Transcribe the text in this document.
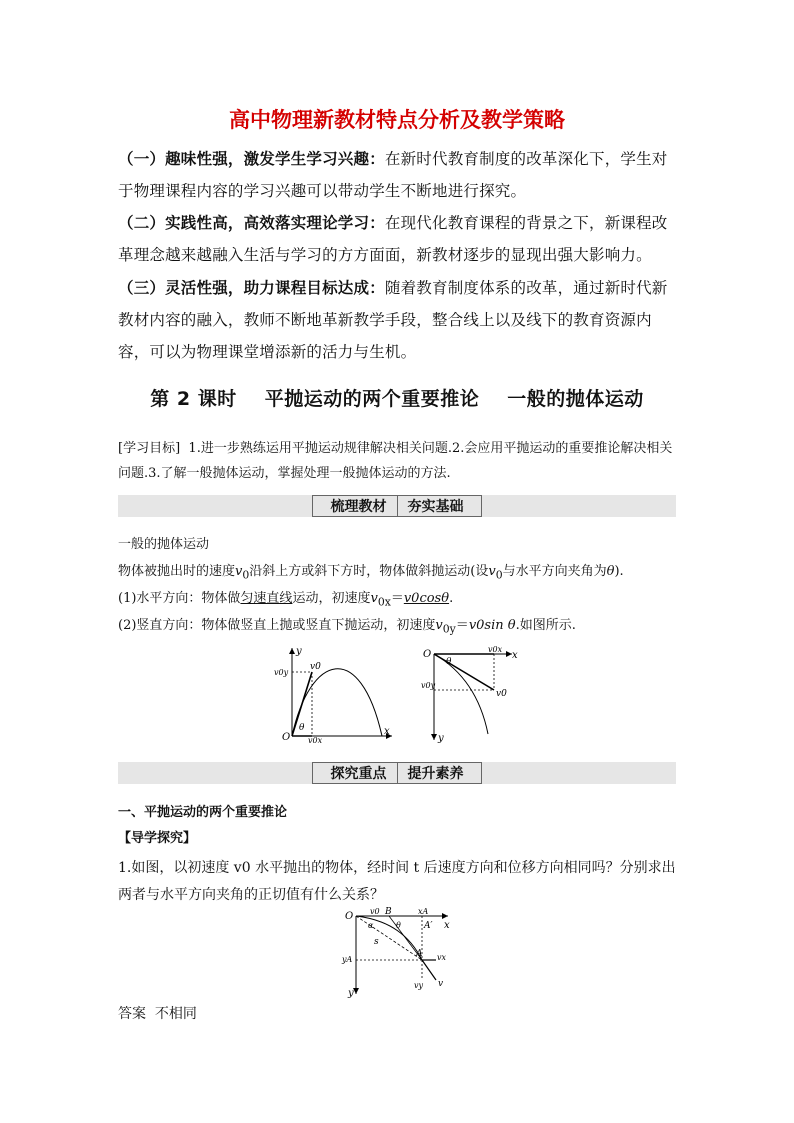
高中物理新教材特点分析及教学策略
（一）趣味性强，激发学生学习兴趣：在新时代教育制度的改革深化下，学生对于物理课程内容的学习兴趣可以带动学生不断地进行探究。
（二）实践性高，高效落实理论学习：在现代化教育课程的背景之下，新课程改革理念越来越融入生活与学习的方方面面，新教材逐步的显现出强大影响力。
（三）灵活性强，助力课程目标达成：随着教育制度体系的改革，通过新时代新教材内容的融入，教师不断地革新教学手段，整合线上以及线下的教育资源内容，可以为物理课堂增添新的活力与生机。
第 2 课时 平抛运动的两个重要推论 一般的抛体运动
[学习目标] 1.进一步熟练运用平抛运动规律解决相关问题.2.会应用平抛运动的重要推论解决相关问题.3.了解一般抛体运动，掌握处理一般抛体运动的方法.
梳理教材 夯实基础
一般的抛体运动
物体被抛出时的速度$v_0$沿斜上方或斜下方时，物体做斜抛运动(设$v_0$与水平方向夹角为θ).
(1)水平方向：物体做匀速直线运动，初速度$v_{0x}=v0\cos\theta$.
(2)竖直方向：物体做竖直上抛或竖直下抛运动，初速度$v_{0y}=v0\sin$ θ.如图所示.
y
v0
v0y
θ
O v0x
x
O
θ
v0x
x
v0y
v0
y
探究重点 提升素养
一、平抛运动的两个重要推论
【导学探究】
1.如图，以初速度 v0 水平抛出的物体，经时间 t 后速度方向和位移方向相同吗？分别求出两者与水平方向夹角的正切值有什么关系？
O v0 B	xA
x
α	θ	A′
s
yA
A vx
vy v
y
答案 不相同
